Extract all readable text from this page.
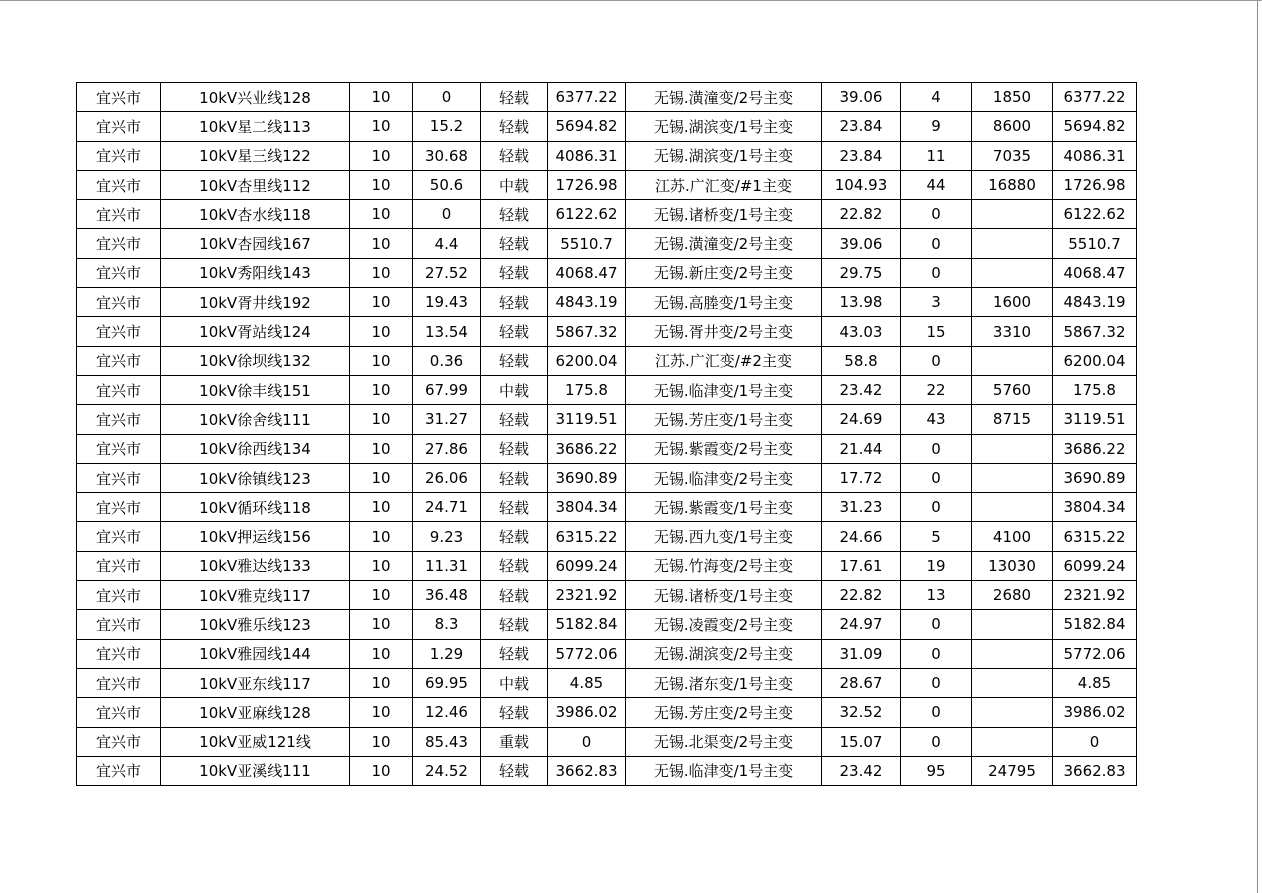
宜兴市	10kV兴业线128	10	0	轻载	6377.22	无锡.潢潼变/2号主变	39.06	4	1850	6377.22
宜兴市	10kV星二线113	10	15.2	轻载	5694.82	无锡.湖滨变/1号主变	23.84	9	8600	5694.82
宜兴市	10kV星三线122	10	30.68	轻载	4086.31	无锡.湖滨变/1号主变	23.84	11	7035	4086.31
宜兴市	10kV杏里线112	10	50.6	中载	1726.98	江苏.广汇变/#1主变	104.93	44	16880	1726.98
宜兴市	10kV杏水线118	10	0	轻载	6122.62	无锡.诸桥变/1号主变	22.82	0		6122.62
宜兴市	10kV杏园线167	10	4.4	轻载	5510.7	无锡.潢潼变/2号主变	39.06	0		5510.7
宜兴市	10kV秀阳线143	10	27.52	轻载	4068.47	无锡.新庄变/2号主变	29.75	0		4068.47
宜兴市	10kV胥井线192	10	19.43	轻载	4843.19	无锡.高塍变/1号主变	13.98	3	1600	4843.19
宜兴市	10kV胥站线124	10	13.54	轻载	5867.32	无锡.胥井变/2号主变	43.03	15	3310	5867.32
宜兴市	10kV徐坝线132	10	0.36	轻载	6200.04	江苏.广汇变/#2主变	58.8	0		6200.04
宜兴市	10kV徐丰线151	10	67.99	中载	175.8	无锡.临津变/1号主变	23.42	22	5760	175.8
宜兴市	10kV徐舍线111	10	31.27	轻载	3119.51	无锡.芳庄变/1号主变	24.69	43	8715	3119.51
宜兴市	10kV徐西线134	10	27.86	轻载	3686.22	无锡.紫霞变/2号主变	21.44	0		3686.22
宜兴市	10kV徐镇线123	10	26.06	轻载	3690.89	无锡.临津变/2号主变	17.72	0		3690.89
宜兴市	10kV循环线118	10	24.71	轻载	3804.34	无锡.紫霞变/1号主变	31.23	0		3804.34
宜兴市	10kV押运线156	10	9.23	轻载	6315.22	无锡.西九变/1号主变	24.66	5	4100	6315.22
宜兴市	10kV雅达线133	10	11.31	轻载	6099.24	无锡.竹海变/2号主变	17.61	19	13030	6099.24
宜兴市	10kV雅克线117	10	36.48	轻载	2321.92	无锡.诸桥变/1号主变	22.82	13	2680	2321.92
宜兴市	10kV雅乐线123	10	8.3	轻载	5182.84	无锡.凌霞变/2号主变	24.97	0		5182.84
宜兴市	10kV雅园线144	10	1.29	轻载	5772.06	无锡.湖滨变/2号主变	31.09	0		5772.06
宜兴市	10kV亚东线117	10	69.95	中载	4.85	无锡.渚东变/1号主变	28.67	0		4.85
宜兴市	10kV亚麻线128	10	12.46	轻载	3986.02	无锡.芳庄变/2号主变	32.52	0		3986.02
宜兴市	10kV亚威121线	10	85.43	重载	0	无锡.北渠变/2号主变	15.07	0		0
宜兴市	10kV亚溪线111	10	24.52	轻载	3662.83	无锡.临津变/1号主变	23.42	95	24795	3662.83
